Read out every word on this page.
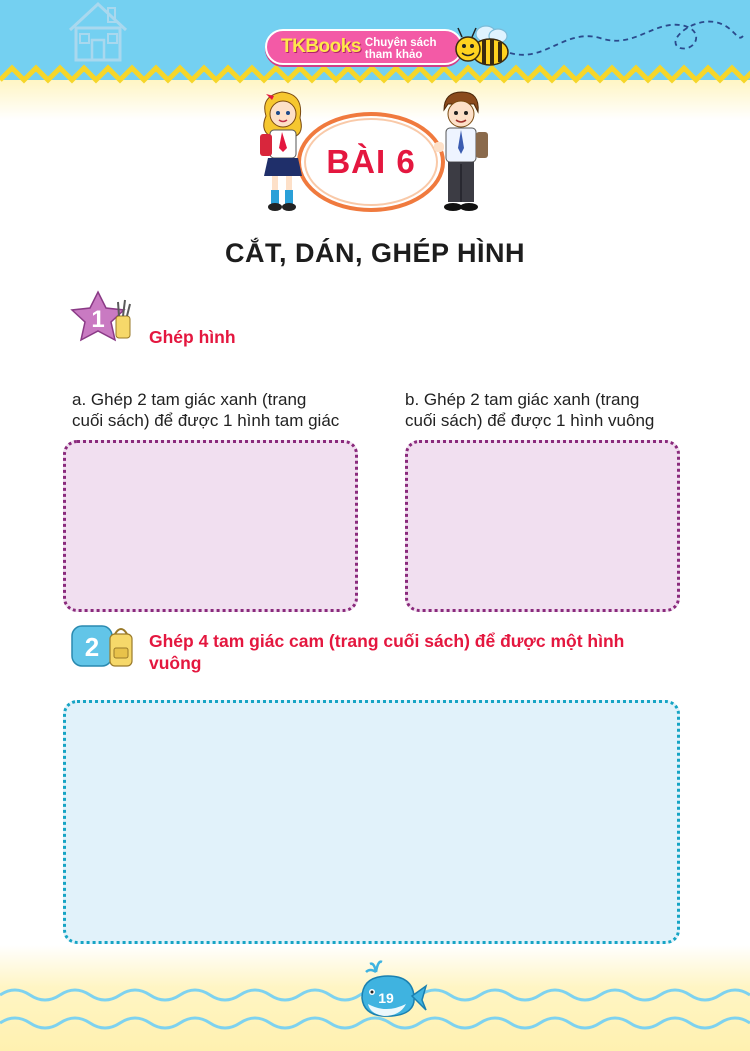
TKBooks Chuyên sách tham khảo
BÀI 6
CẮT, DÁN, GHÉP HÌNH
1
Ghép hình
a. Ghép 2 tam giác xanh (trang
cuối sách) để được 1 hình tam giác
b. Ghép 2 tam giác xanh (trang
cuối sách) để được 1 hình vuông
2	Ghép 4 tam giác cam (trang cuối sách) để được một hình
vuông
19
